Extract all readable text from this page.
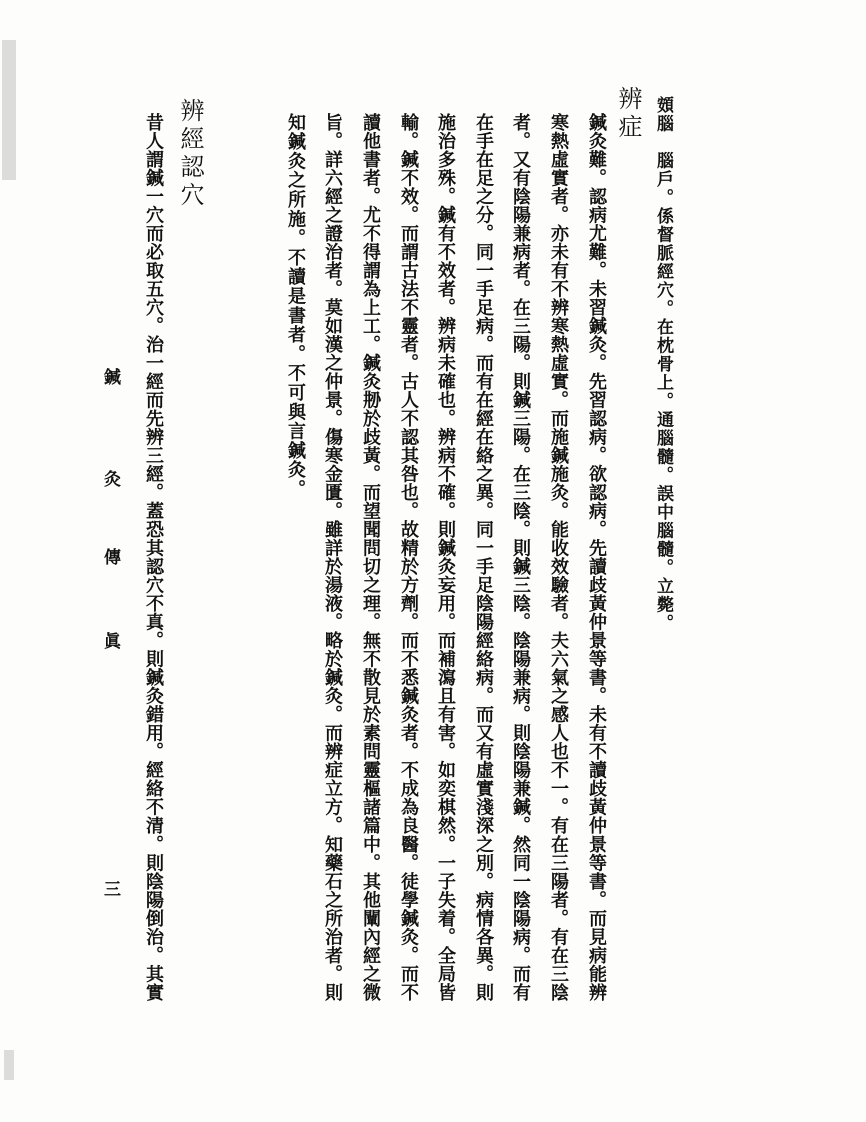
頞腦　腦戶。係督脈經穴。在枕骨上。通腦髓。誤中腦髓。立斃。
辨症
鍼灸難。認病尤難。未習鍼灸。先習認病。欲認病。先讀歧黃仲景等書。未有不讀歧黃仲景等書。而見病能辨
寒熱虛實者。亦未有不辨寒熱虛實。而施鍼施灸。能收效驗者。夫六氣之感人也不一。有在三陽者。有在三陰
者。又有陰陽兼病者。在三陽。則鍼三陽。在三陰。則鍼三陰。陰陽兼病。則陰陽兼鍼。然同一陰陽病。而有
在手在足之分。同一手足病。而有在經在絡之異。同一手足陰陽經絡病。而又有虛實淺深之別。病情各異。則
施治多殊。鍼有不效者。辨病未確也。辨病不確。則鍼灸妄用。而補瀉且有害。如奕棋然。一子失着。全局皆
輸。鍼不效。而謂古法不靈者。古人不認其咎也。故精於方劑。而不悉鍼灸者。不成為良醫。徒學鍼灸。而不
讀他書者。尤不得謂為上工。鍼灸刱於歧黃。而望聞問切之理。無不散見於素問靈樞諸篇中。其他闡內經之微
旨。詳六經之證治者。莫如漢之仲景。傷寒金匱。雖詳於湯液。略於鍼灸。而辨症立方。知藥石之所治者。則
知鍼灸之所施。不讀是書者。不可與言鍼灸。
辨經認穴
昔人謂鍼一穴而必取五穴。治一經而先辨三經。蓋恐其認穴不真。則鍼灸錯用。經絡不清。則陰陽倒治。其實
鍼
灸
傳
眞
三
